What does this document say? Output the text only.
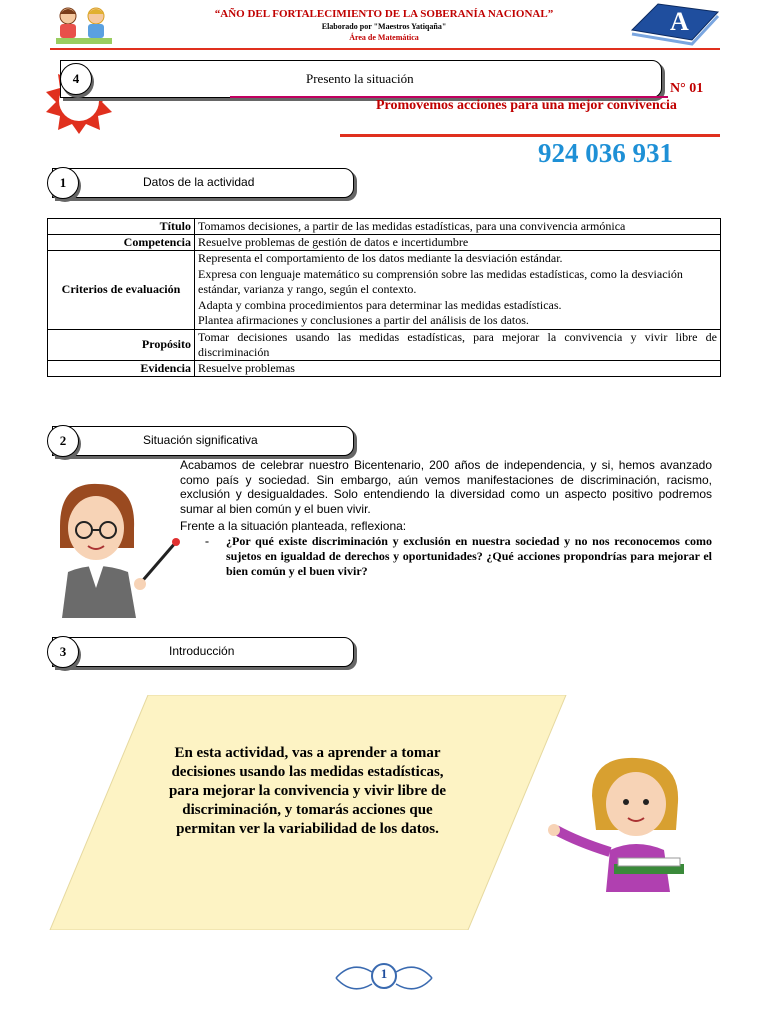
“AÑO DEL FORTALECIMIENTO DE LA SOBERANÍA NACIONAL”
Elaborado por "Maestros Yatiqaña"
Área de Matemática
A
Presento la situación
4
N° 01
Promovemos acciones para una mejor convivencia
924 036 931
Datos de la actividad
1
Título	Tomamos decisiones, a partir de las medidas estadísticas, para una convivencia armónica
Competencia	Resuelve problemas de gestión de datos e incertidumbre
Criterios de evaluación	Representa el comportamiento de los datos mediante la desviación estándar.
Expresa con lenguaje matemático su comprensión sobre las medidas estadísticas, como la desviación estándar, varianza y rango, según el contexto.
Adapta y combina procedimientos para determinar las medidas estadísticas.
Plantea afirmaciones y conclusiones a partir del análisis de los datos.

Propósito	Tomar decisiones usando las medidas estadísticas, para mejorar la convivencia y vivir libre de discriminación
Evidencia	Resuelve problemas
Situación significativa
2
Acabamos de celebrar nuestro Bicentenario, 200 años de independencia, y si, hemos avanzado como país y sociedad. Sin embargo, aún vemos manifestaciones de discriminación, racismo, exclusión y desigualdades. Solo entendiendo la diversidad como un aspecto positivo podremos sumar al bien común y el buen vivir.
Frente a la situación planteada, reflexiona:
- ¿Por qué existe discriminación y exclusión en nuestra sociedad y no nos reconocemos como sujetos en igualdad de derechos y oportunidades? ¿Qué acciones propondrías para mejorar el bien común y el buen vivir?
Introducción
3
En esta actividad, vas a aprender a tomar decisiones usando las medidas estadísticas, para mejorar la convivencia y vivir libre de discriminación, y tomarás acciones que permitan ver la variabilidad de los datos.
1
